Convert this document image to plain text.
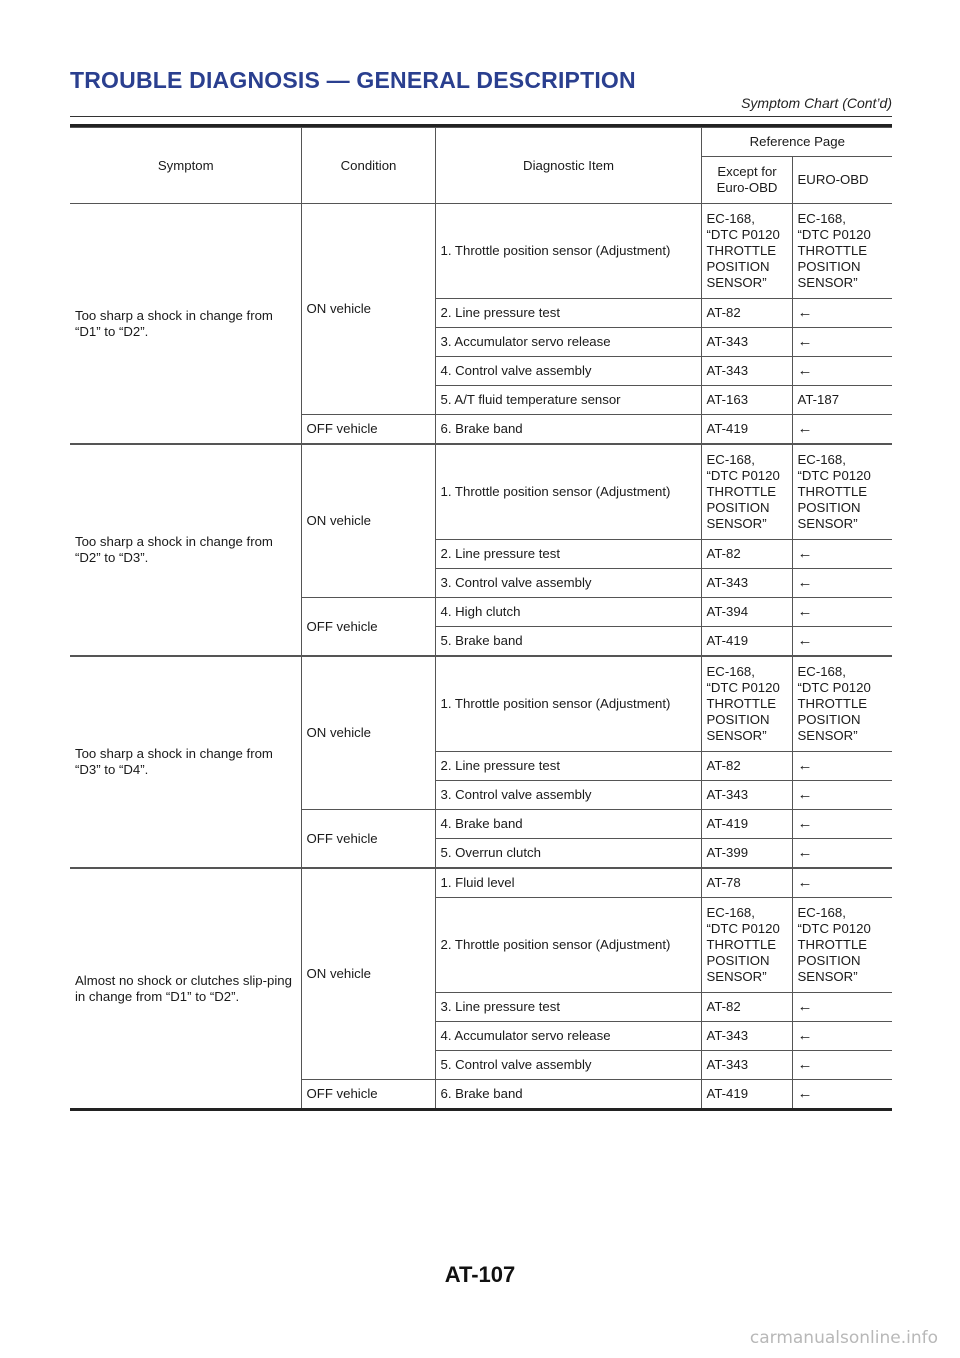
TROUBLE DIAGNOSIS — GENERAL DESCRIPTION
Symptom Chart (Cont’d)
Symptom	Condition	Diagnostic Item	Reference Page	
			Except for Euro-OBD	EURO-OBD
Too sharp a shock in change from “D1” to “D2”.	ON vehicle	1. Throttle position sensor (Adjustment)	EC-168,
“DTC P0120
THROTTLE
POSITION
SENSOR”	EC-168,
“DTC P0120
THROTTLE
POSITION
SENSOR”
		2. Line pressure test	AT-82	←
		3. Accumulator servo release	AT-343	←
		4. Control valve assembly	AT-343	←
		5. A/T fluid temperature sensor	AT-163	AT-187
	OFF vehicle	6. Brake band	AT-419	←
Too sharp a shock in change from “D2” to “D3”.	ON vehicle	1. Throttle position sensor (Adjustment)	EC-168,
“DTC P0120
THROTTLE
POSITION
SENSOR”	EC-168,
“DTC P0120
THROTTLE
POSITION
SENSOR”
		2. Line pressure test	AT-82	←
		3. Control valve assembly	AT-343	←
	OFF vehicle	4. High clutch	AT-394	←
		5. Brake band	AT-419	←
Too sharp a shock in change from “D3” to “D4”.	ON vehicle	1. Throttle position sensor (Adjustment)	EC-168,
“DTC P0120
THROTTLE
POSITION
SENSOR”	EC-168,
“DTC P0120
THROTTLE
POSITION
SENSOR”
		2. Line pressure test	AT-82	←
		3. Control valve assembly	AT-343	←
	OFF vehicle	4. Brake band	AT-419	←
		5. Overrun clutch	AT-399	←
Almost no shock or clutches slip-ping in change from “D1” to “D2”.	ON vehicle	1. Fluid level	AT-78	←
		2. Throttle position sensor (Adjustment)	EC-168,
“DTC P0120
THROTTLE
POSITION
SENSOR”	EC-168,
“DTC P0120
THROTTLE
POSITION
SENSOR”
		3. Line pressure test	AT-82	←
		4. Accumulator servo release	AT-343	←
		5. Control valve assembly	AT-343	←
	OFF vehicle	6. Brake band	AT-419	←
AT-107
carmanualsonline.info
